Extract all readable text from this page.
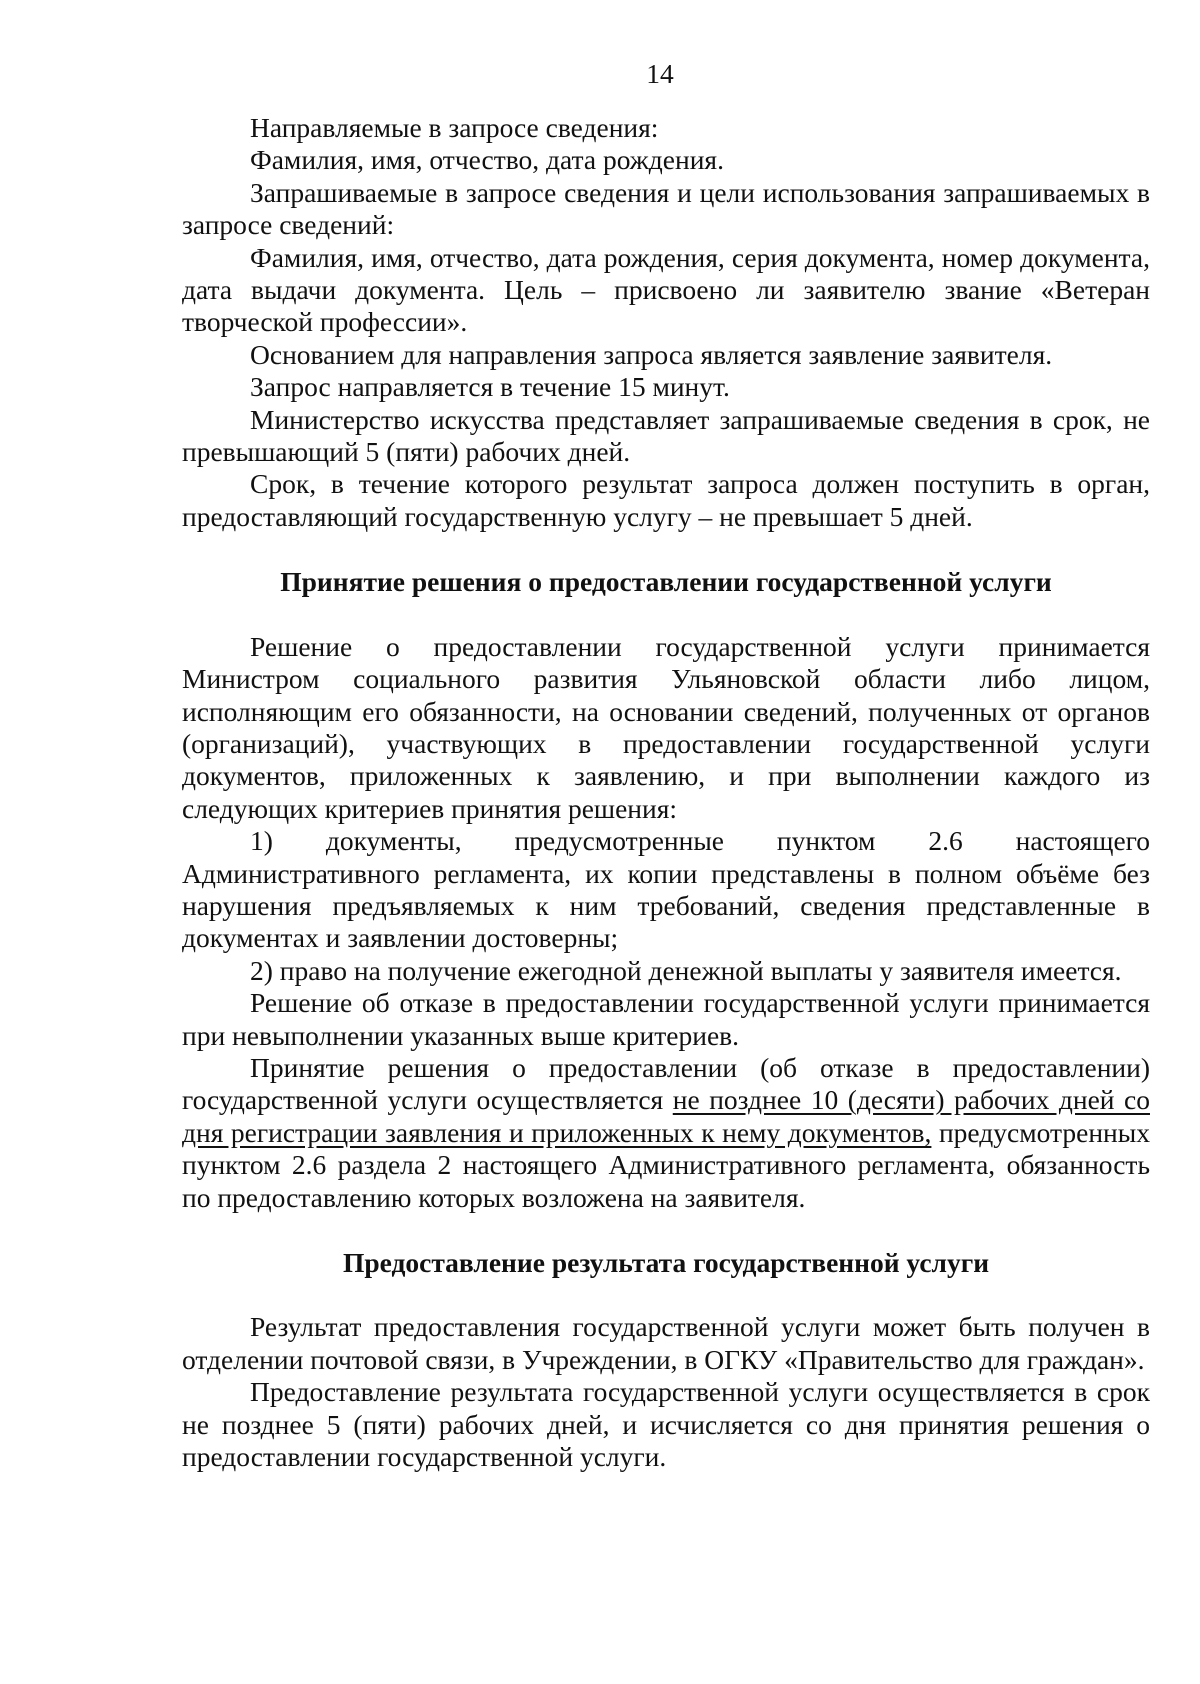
14

Направляемые в запросе сведения:

Фамилия, имя, отчество, дата рождения.

Запрашиваемые в запросе сведения и цели использования запрашиваемых в запросе сведений:

Фамилия, имя, отчество, дата рождения, серия документа, номер документа, дата выдачи документа. Цель – присвоено ли заявителю звание «Ветеран творческой профессии».

Основанием для направления запроса является заявление заявителя.

Запрос направляется в течение 15 минут.

Министерство искусства представляет запрашиваемые сведения в срок, не превышающий 5 (пяти) рабочих дней.

Срок, в течение которого результат запроса должен поступить в орган, предоставляющий государственную услугу – не превышает 5 дней.

Принятие решения о предоставлении государственной услуги

Решение о предоставлении государственной услуги принимается Министром социального развития Ульяновской области либо лицом, исполняющим его обязанности, на основании сведений, полученных от органов (организаций), участвующих в предоставлении государственной услуги документов, приложенных к заявлению, и при выполнении каждого из следующих критериев принятия решения:

1) документы, предусмотренные пунктом 2.6 настоящего Административного регламента, их копии представлены в полном объёме без нарушения предъявляемых к ним требований, сведения представленные в документах и заявлении достоверны;

2) право на получение ежегодной денежной выплаты у заявителя имеется.

Решение об отказе в предоставлении государственной услуги принимается при невыполнении указанных выше критериев.

Принятие решения о предоставлении (об отказе в предоставлении) государственной услуги осуществляется не позднее 10 (десяти) рабочих дней со дня регистрации заявления и приложенных к нему документов, предусмотренных пунктом 2.6 раздела 2 настоящего Административного регламента, обязанность по предоставлению которых возложена на заявителя.

Предоставление результата государственной услуги

Результат предоставления государственной услуги может быть получен в отделении почтовой связи, в Учреждении, в ОГКУ «Правительство для граждан».

Предоставление результата государственной услуги осуществляется в срок не позднее 5 (пяти) рабочих дней, и исчисляется со дня принятия решения о предоставлении государственной услуги.
